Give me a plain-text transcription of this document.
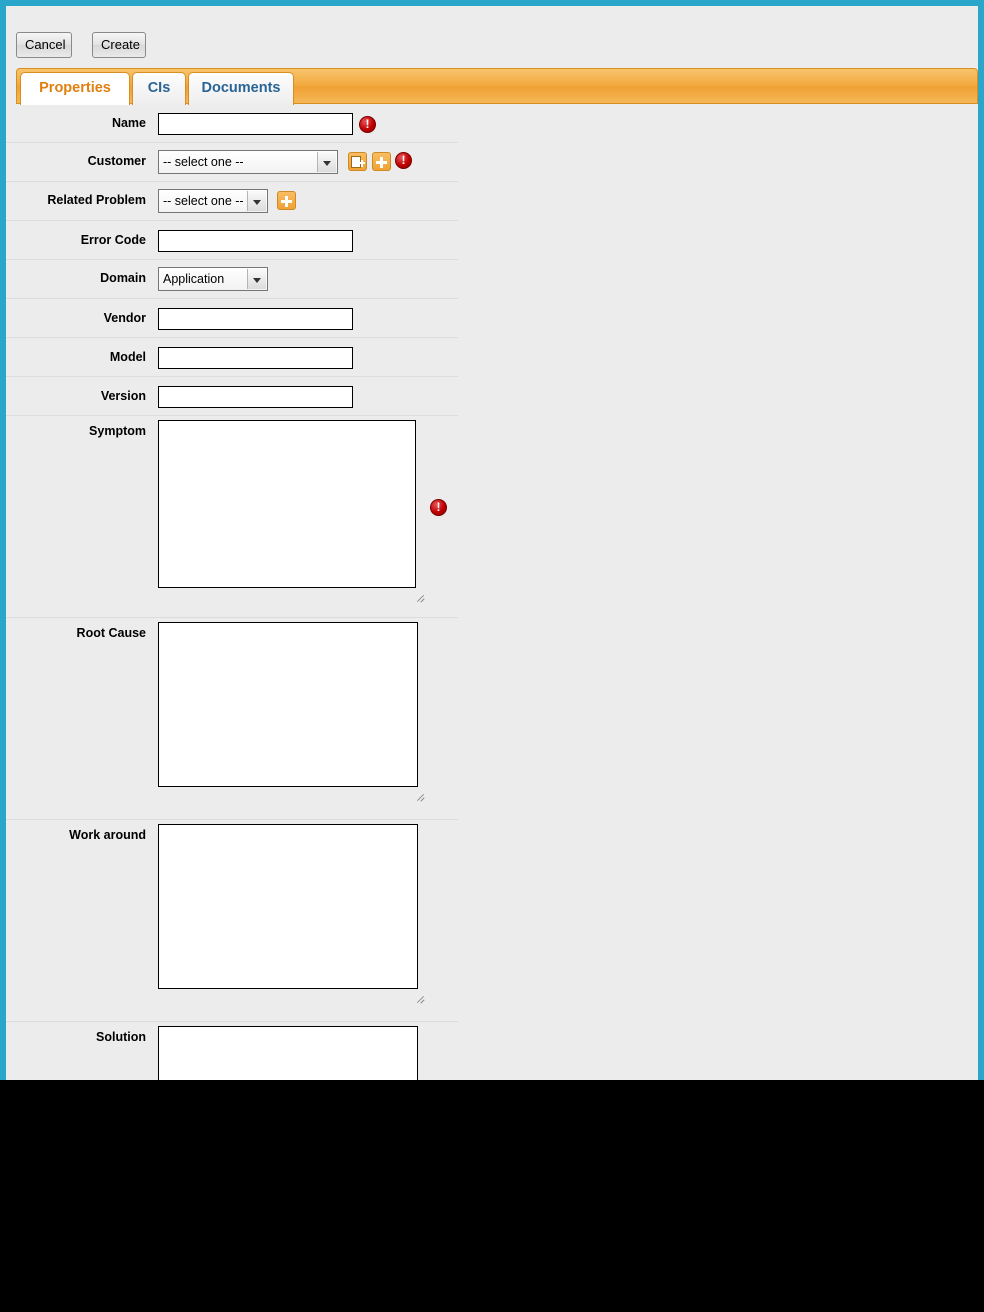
Cancel	Create
Properties	CIs	Documents
Name
!
Customer	-- select one --
!
Related Problem	-- select one --
Error Code
Domain	Application
Vendor
Model
Version
Symptom
!
Root Cause
Work around
Solution
